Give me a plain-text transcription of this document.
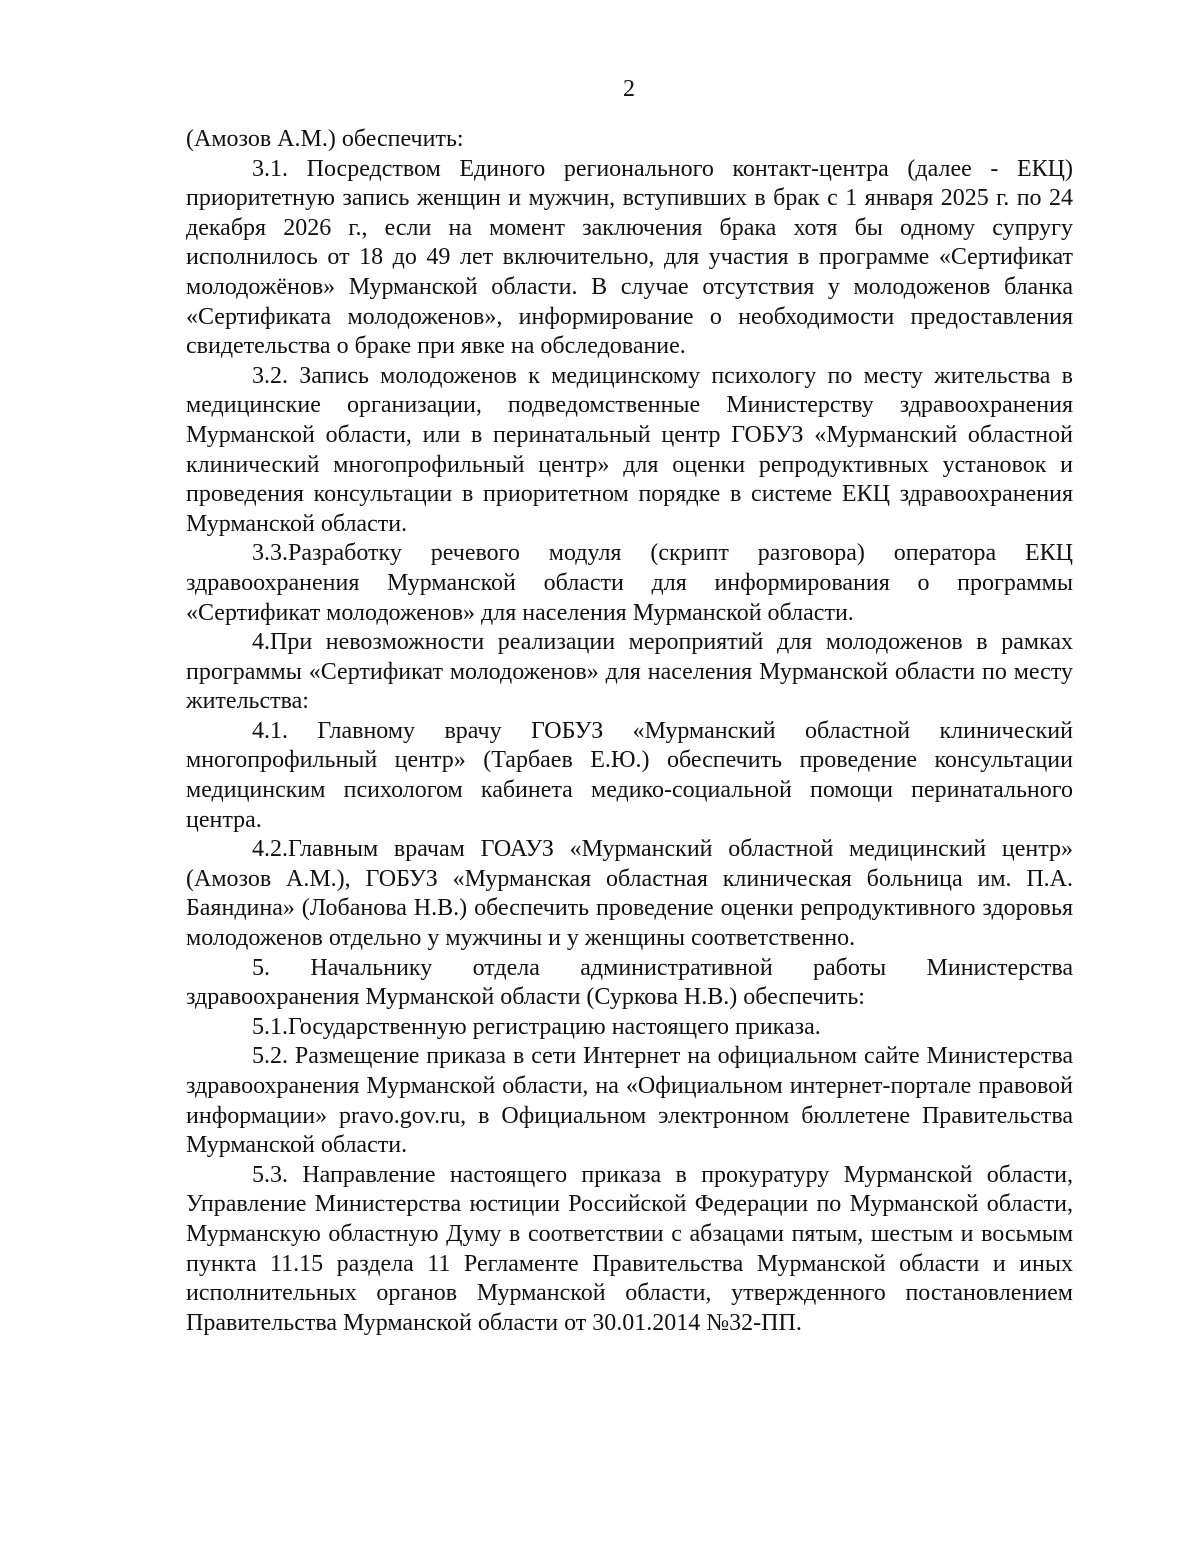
2

(Амозов А.М.) обеспечить:

3.1. Посредством Единого регионального контакт-центра (далее - ЕКЦ) приоритетную запись женщин и мужчин, вступивших в брак с 1 января 2025 г. по 24 декабря 2026 г., если на момент заключения брака хотя бы одному супругу исполнилось от 18 до 49 лет включительно, для участия в программе «Сертификат молодожёнов» Мурманской области. В случае отсутствия у молодоженов бланка «Сертификата молодоженов», информирование о необходимости предоставления свидетельства о браке при явке на обследование.

3.2. Запись молодоженов к медицинскому психологу по месту жительства в медицинские организации, подведомственные Министерству здравоохранения Мурманской области, или в перинатальный центр ГОБУЗ «Мурманский областной клинический многопрофильный центр» для оценки репродуктивных установок и проведения консультации в приоритетном порядке в системе ЕКЦ здравоохранения Мурманской области.

3.3.Разработку речевого модуля (скрипт разговора) оператора ЕКЦ здравоохранения Мурманской области для информирования о программы «Сертификат молодоженов» для населения Мурманской области.

4.При невозможности реализации мероприятий для молодоженов в рамках программы «Сертификат молодоженов» для населения Мурманской области по месту жительства:

4.1. Главному врачу ГОБУЗ «Мурманский областной клинический многопрофильный центр» (Тарбаев Е.Ю.) обеспечить проведение консультации медицинским психологом кабинета медико-социальной помощи перинатального центра.

4.2.Главным врачам ГОАУЗ «Мурманский областной медицинский центр» (Амозов А.М.), ГОБУЗ «Мурманская областная клиническая больница им. П.А. Баяндина» (Лобанова Н.В.) обеспечить проведение оценки репродуктивного здоровья молодоженов отдельно у мужчины и у женщины соответственно.

5. Начальнику отдела административной работы Министерства здравоохранения Мурманской области (Суркова Н.В.) обеспечить:

5.1.Государственную регистрацию настоящего приказа.

5.2. Размещение приказа в сети Интернет на официальном сайте Министерства здравоохранения Мурманской области, на «Официальном интернет-портале правовой информации» pravo.gov.ru, в Официальном электронном бюллетене Правительства Мурманской области.

5.3. Направление настоящего приказа в прокуратуру Мурманской области, Управление Министерства юстиции Российской Федерации по Мурманской области, Мурманскую областную Думу в соответствии с абзацами пятым, шестым и восьмым пункта 11.15 раздела 11 Регламенте Правительства Мурманской области и иных исполнительных органов Мурманской области, утвержденного постановлением Правительства Мурманской области от 30.01.2014 №32-ПП.
